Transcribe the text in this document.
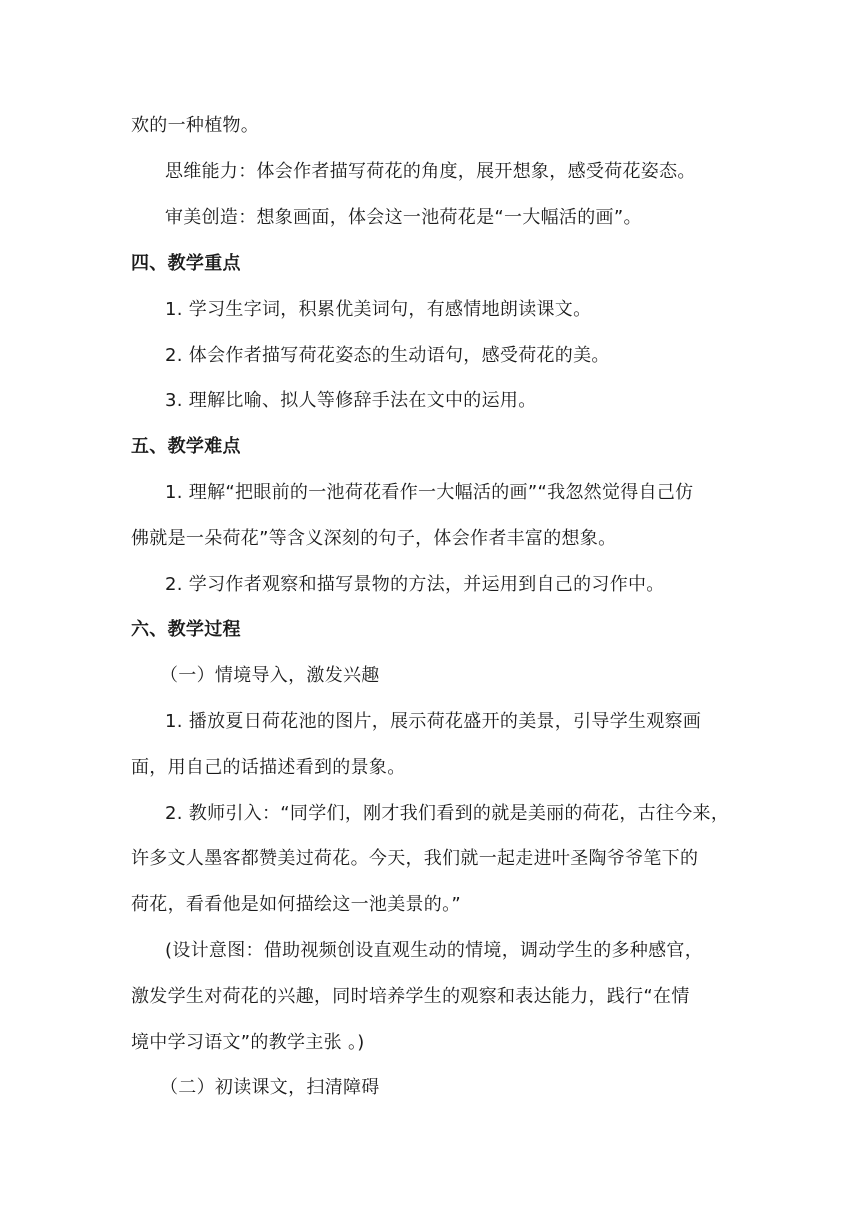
欢的一种植物。
思维能力：体会作者描写荷花的角度，展开想象，感受荷花姿态。
审美创造：想象画面，体会这一池荷花是“一大幅活的画”。
四、教学重点
1. 学习生字词，积累优美词句，有感情地朗读课文。
2. 体会作者描写荷花姿态的生动语句，感受荷花的美。
3. 理解比喻、拟人等修辞手法在文中的运用。
五、教学难点
1. 理解“把眼前的一池荷花看作一大幅活的画”“我忽然觉得自己仿
佛就是一朵荷花”等含义深刻的句子，体会作者丰富的想象。
2. 学习作者观察和描写景物的方法，并运用到自己的习作中。
六、教学过程
（一）情境导入，激发兴趣
1. 播放夏日荷花池的图片，展示荷花盛开的美景，引导学生观察画
面，用自己的话描述看到的景象。
2. 教师引入：“同学们，刚才我们看到的就是美丽的荷花，古往今来，
许多文人墨客都赞美过荷花。今天，我们就一起走进叶圣陶爷爷笔下的
荷花，看看他是如何描绘这一池美景的。”
(设计意图：借助视频创设直观生动的情境，调动学生的多种感官，
激发学生对荷花的兴趣，同时培养学生的观察和表达能力，践行“在情
境中学习语文”的教学主张 。)
（二）初读课文，扫清障碍
